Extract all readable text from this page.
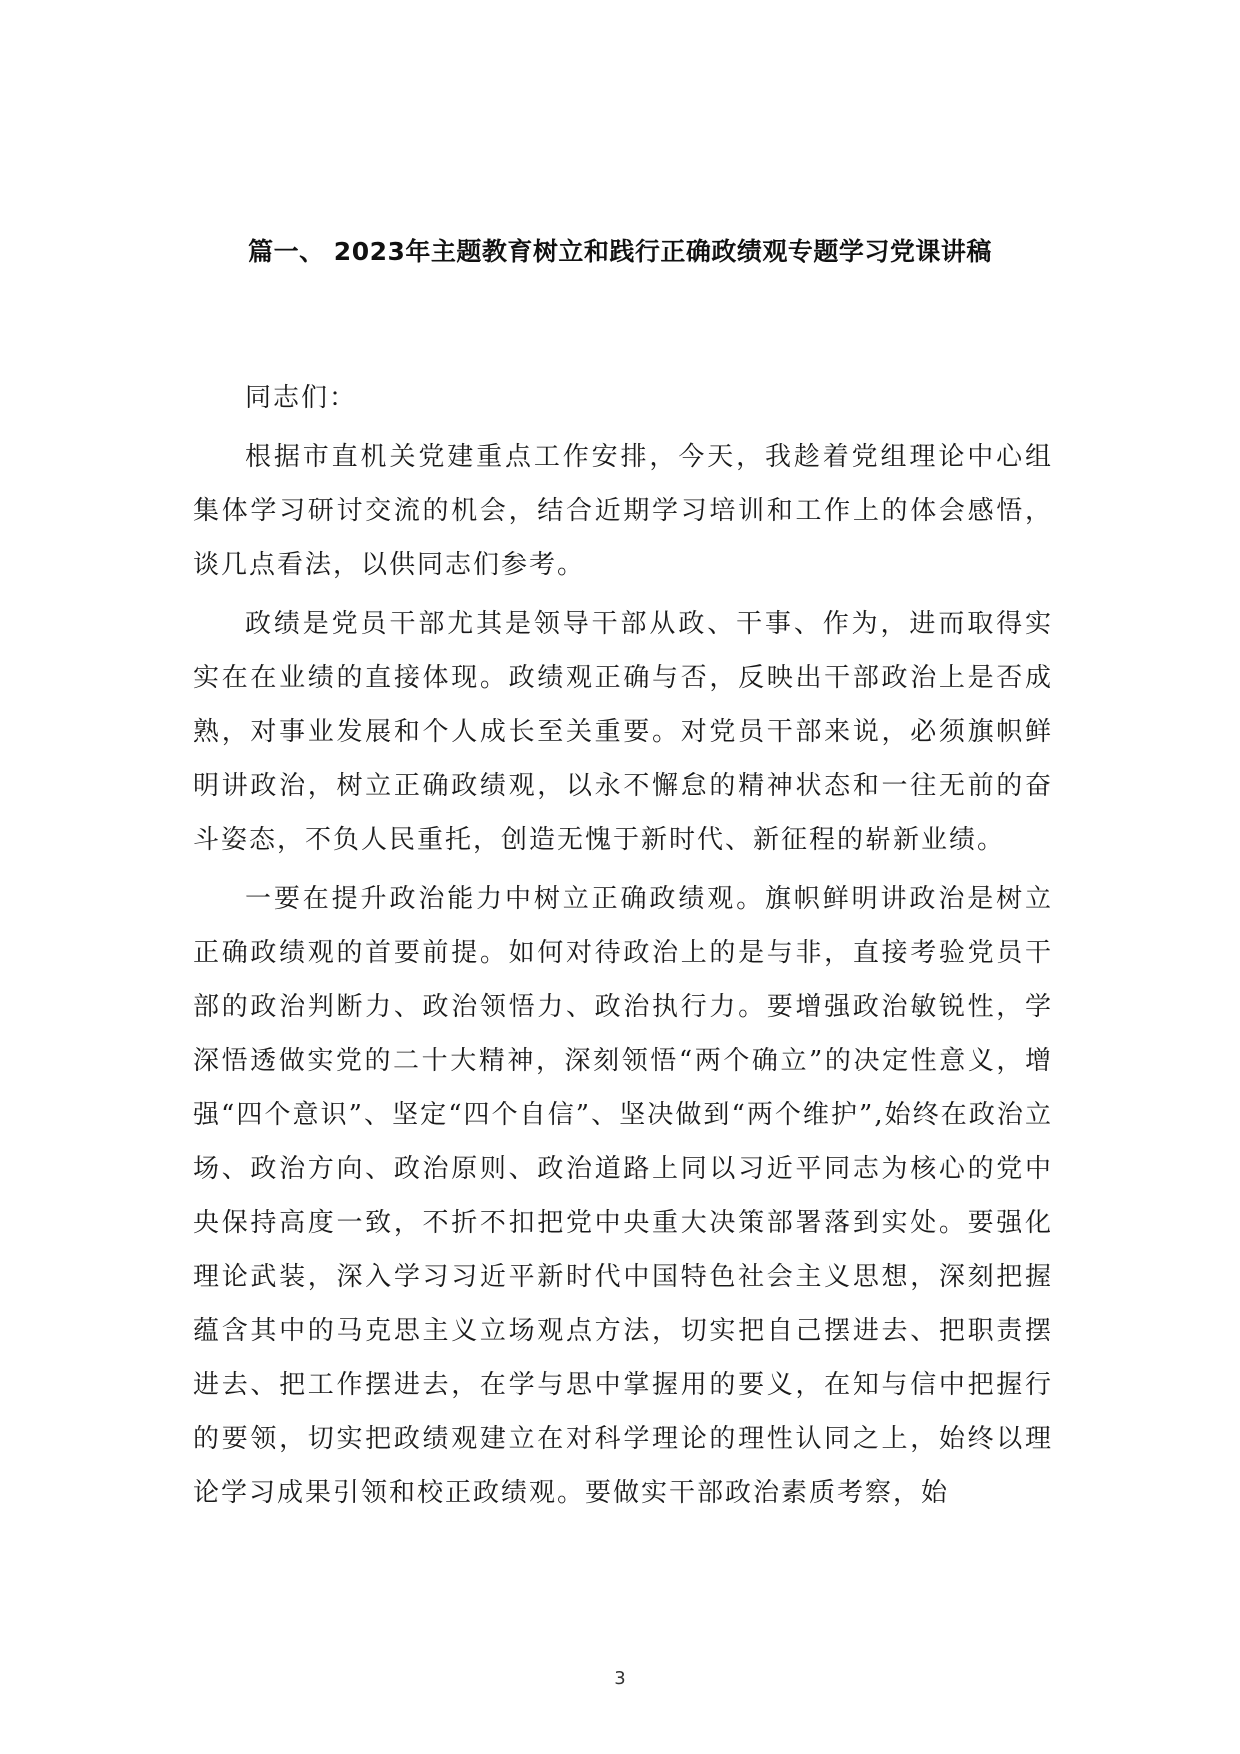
篇一、 2023年主题教育树立和践行正确政绩观专题学习党课讲稿

同志们：

根据市直机关党建重点工作安排，今天，我趁着党组理论中心组集体学习研讨交流的机会，结合近期学习培训和工作上的体会感悟，谈几点看法，以供同志们参考。

政绩是党员干部尤其是领导干部从政、干事、作为，进而取得实实在在业绩的直接体现。政绩观正确与否，反映出干部政治上是否成熟，对事业发展和个人成长至关重要。对党员干部来说，必须旗帜鲜明讲政治，树立正确政绩观，以永不懈怠的精神状态和一往无前的奋斗姿态，不负人民重托，创造无愧于新时代、新征程的崭新业绩。

一要在提升政治能力中树立正确政绩观。旗帜鲜明讲政治是树立正确政绩观的首要前提。如何对待政治上的是与非，直接考验党员干部的政治判断力、政治领悟力、政治执行力。要增强政治敏锐性，学深悟透做实党的二十大精神，深刻领悟“两个确立”的决定性意义，增强“四个意识”、坚定“四个自信”、坚决做到“两个维护”,始终在政治立场、政治方向、政治原则、政治道路上同以习近平同志为核心的党中央保持高度一致，不折不扣把党中央重大决策部署落到实处。要强化理论武装，深入学习习近平新时代中国特色社会主义思想，深刻把握蕴含其中的马克思主义立场观点方法，切实把自己摆进去、把职责摆进去、把工作摆进去，在学与思中掌握用的要义，在知与信中把握行的要领，切实把政绩观建立在对科学理论的理性认同之上，始终以理论学习成果引领和校正政绩观。要做实干部政治素质考察，始

3
